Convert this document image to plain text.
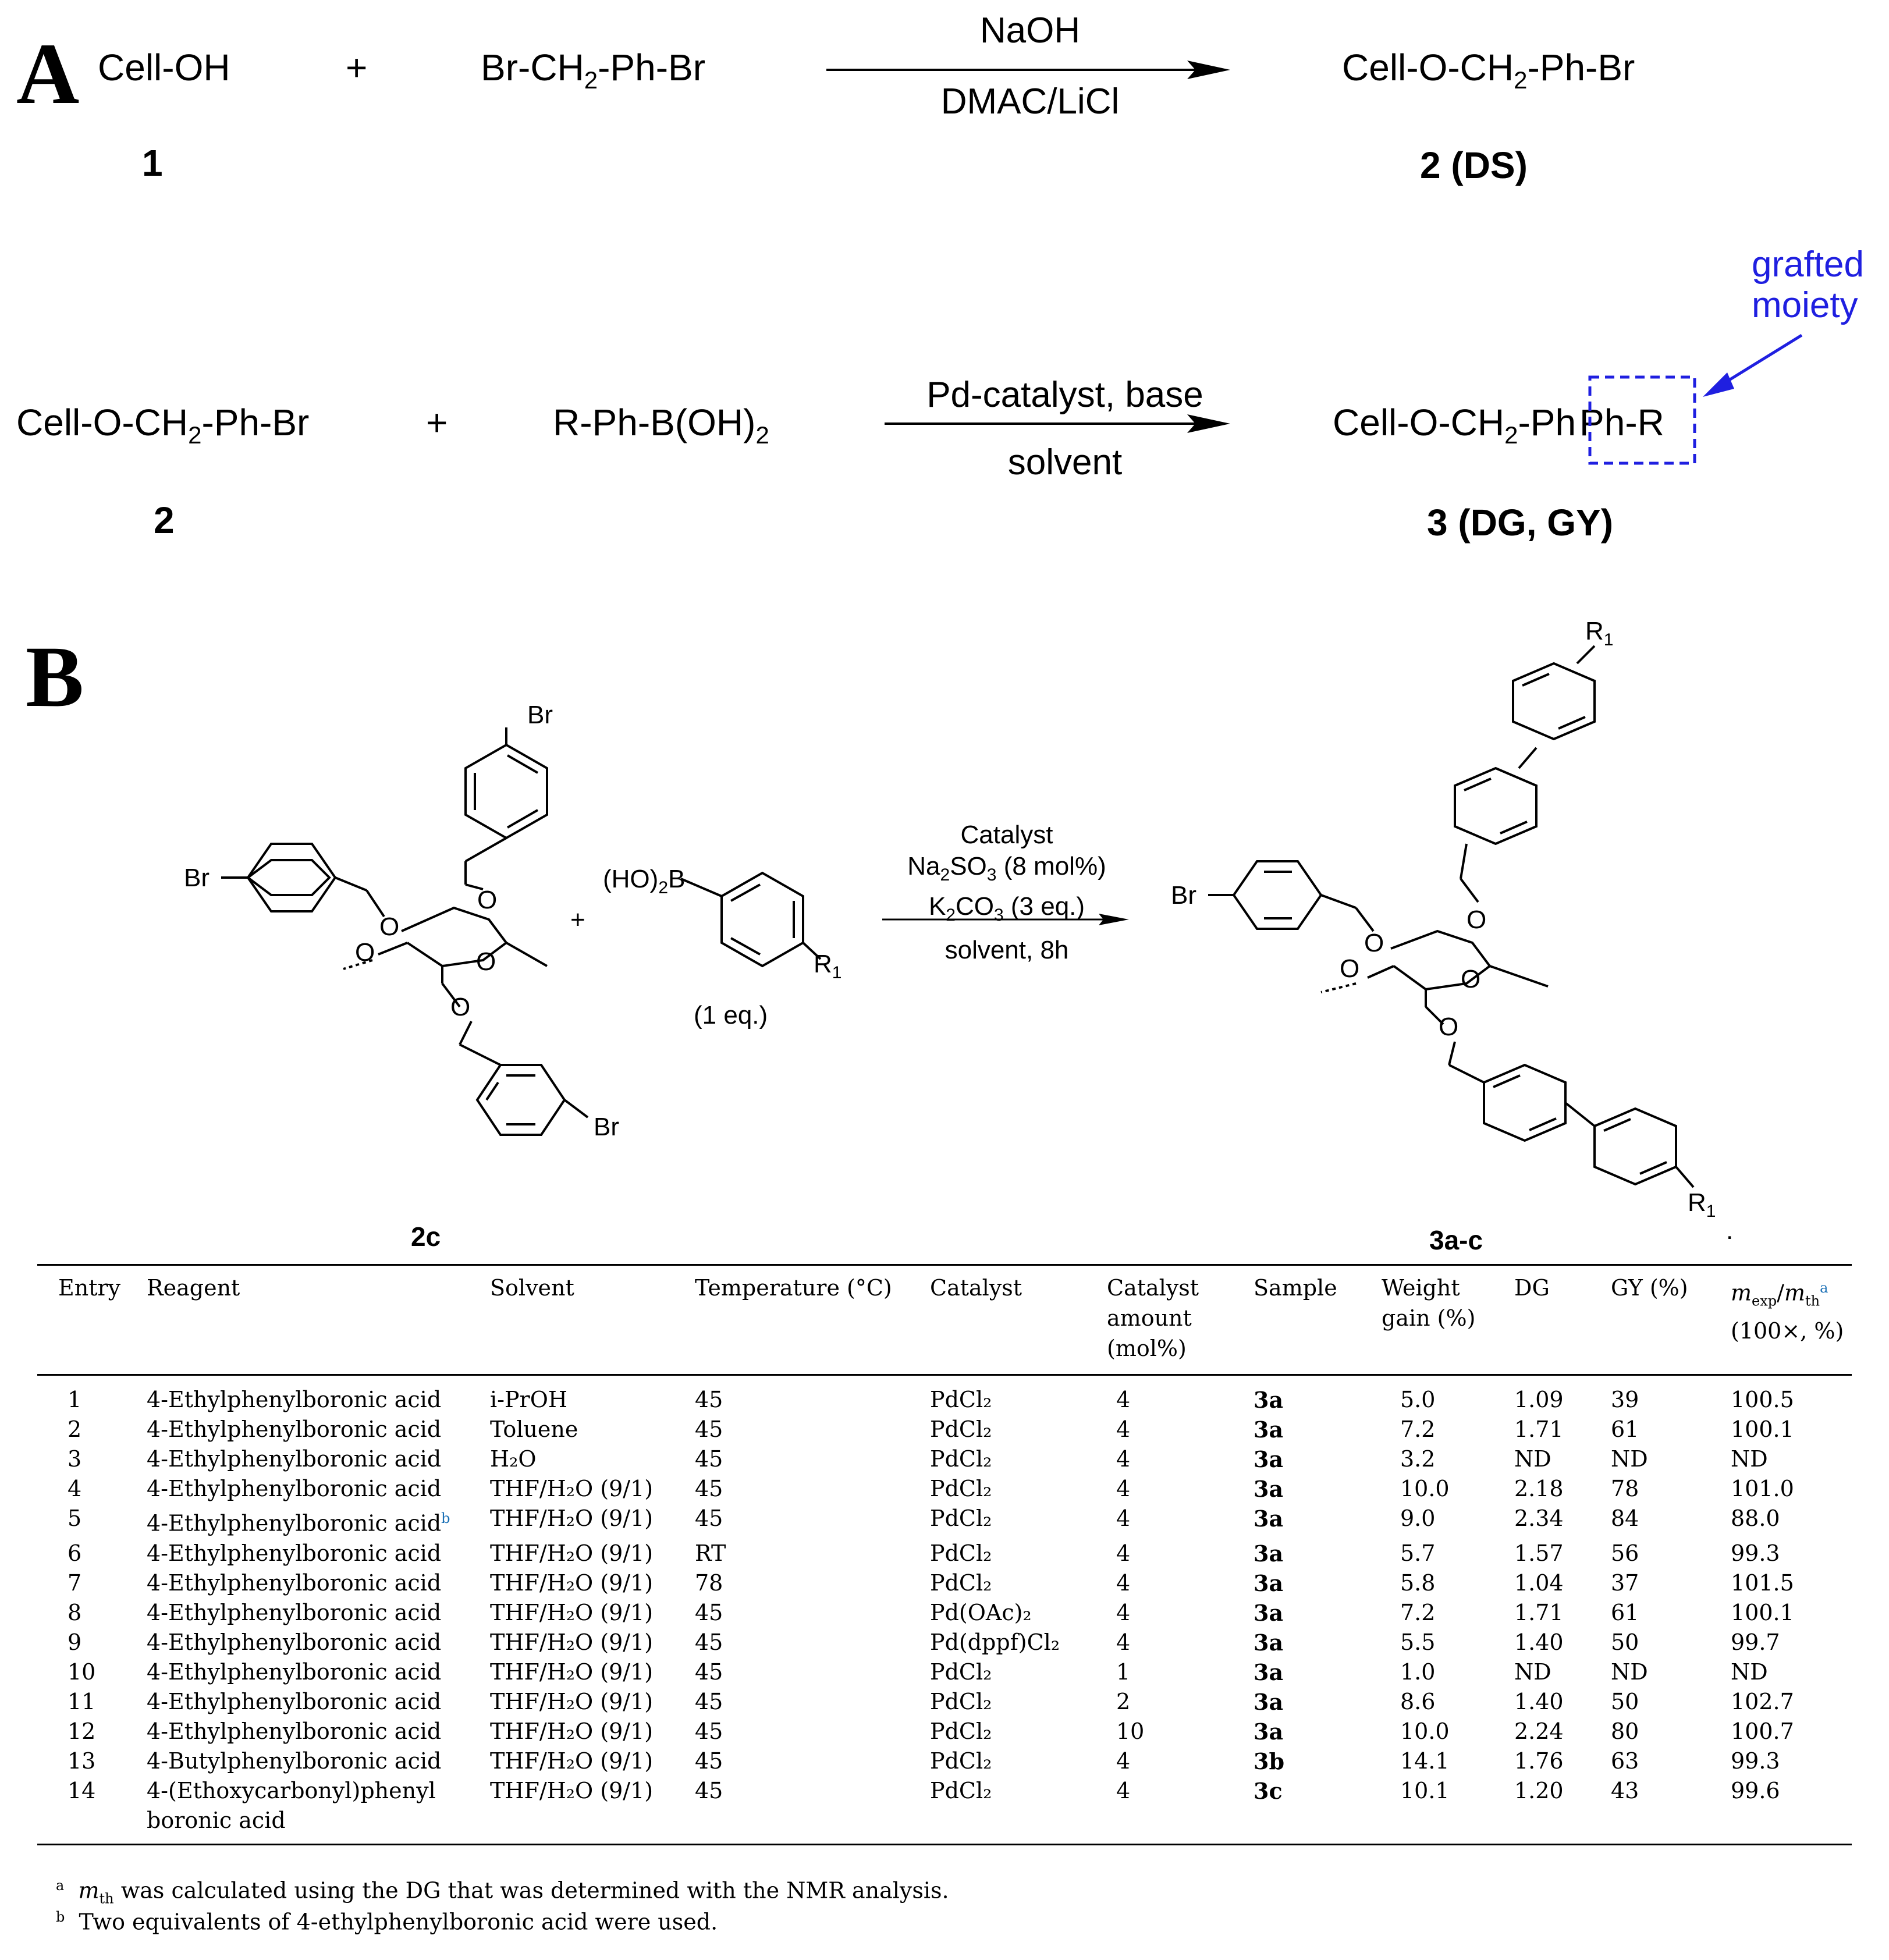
A Cell-OH	+	$Br-CH_2-Ph-Br$
NaOH
DMAC/LiCl
Cell-$O-CH_2-Ph-Br$
1	2 (DS)
Cell-$O-CH_2-Ph-Br$	+	$R-Ph-B(OH)_2$
Pd-catalyst, base
solvent
Cell-$O-CH_2-PhPh-R$
grafted
moiety
2	3 (DG, GY)
B	Br
Br
Br
O
O
O	O
O
+
$(HO)_2B$
$R_1$
(1 eq.)
Catalyst
$Na_2SO_3$ (8 mol%)
$K_2CO_3$ (3 eq.)
solvent, 8h
$R_1$
Br
O
O
O	O
O
$R_1$
.
2c	3a-c
Entry	Reagent	Solvent	Temperature (°C)	Catalyst	Catalyst amount (mol%)	Sample	Weight gain (%)	DG	GY (%)	$m_{exp}/m_{th}^a$
(100×, %)
1	4-Ethylphenylboronic acid	i-PrOH	45	PdCl₂	4	3a	5.0	1.09	39	100.5
2	4-Ethylphenylboronic acid	Toluene	45	PdCl₂	4	3a	7.2	1.71	61	100.1
3	4-Ethylphenylboronic acid	H₂O	45	PdCl₂	4	3a	3.2	ND	ND	ND
4	4-Ethylphenylboronic acid	THF/H₂O (9/1)	45	PdCl₂	4	3a	10.0	2.18	78	101.0
5	4-Ethylphenylboronic acid$^b$	THF/H₂O (9/1)	45	PdCl₂	4	3a	9.0	2.34	84	88.0
6	4-Ethylphenylboronic acid	THF/H₂O (9/1)	RT	PdCl₂	4	3a	5.7	1.57	56	99.3
7	4-Ethylphenylboronic acid	THF/H₂O (9/1)	78	PdCl₂	4	3a	5.8	1.04	37	101.5
8	4-Ethylphenylboronic acid	THF/H₂O (9/1)	45	Pd(OAc)₂	4	3a	7.2	1.71	61	100.1
9	4-Ethylphenylboronic acid	THF/H₂O (9/1)	45	Pd(dppf)Cl₂	4	3a	5.5	1.40	50	99.7
10	4-Ethylphenylboronic acid	THF/H₂O (9/1)	45	PdCl₂	1	3a	1.0	ND	ND	ND
11	4-Ethylphenylboronic acid	THF/H₂O (9/1)	45	PdCl₂	2	3a	8.6	1.40	50	102.7
12	4-Ethylphenylboronic acid	THF/H₂O (9/1)	45	PdCl₂	10	3a	10.0	2.24	80	100.7
13	4-Butylphenylboronic acid	THF/H₂O (9/1)	45	PdCl₂	4	3b	14.1	1.76	63	99.3
14	4-(Ethoxycarbonyl)phenyl boronic acid	THF/H₂O (9/1)	45	PdCl₂	4	3c	10.1	1.20	43	99.6
$^a$ $m_{th}$ was calculated using the DG that was determined with the NMR analysis.
$^b$ Two equivalents of 4-ethylphenylboronic acid were used.
